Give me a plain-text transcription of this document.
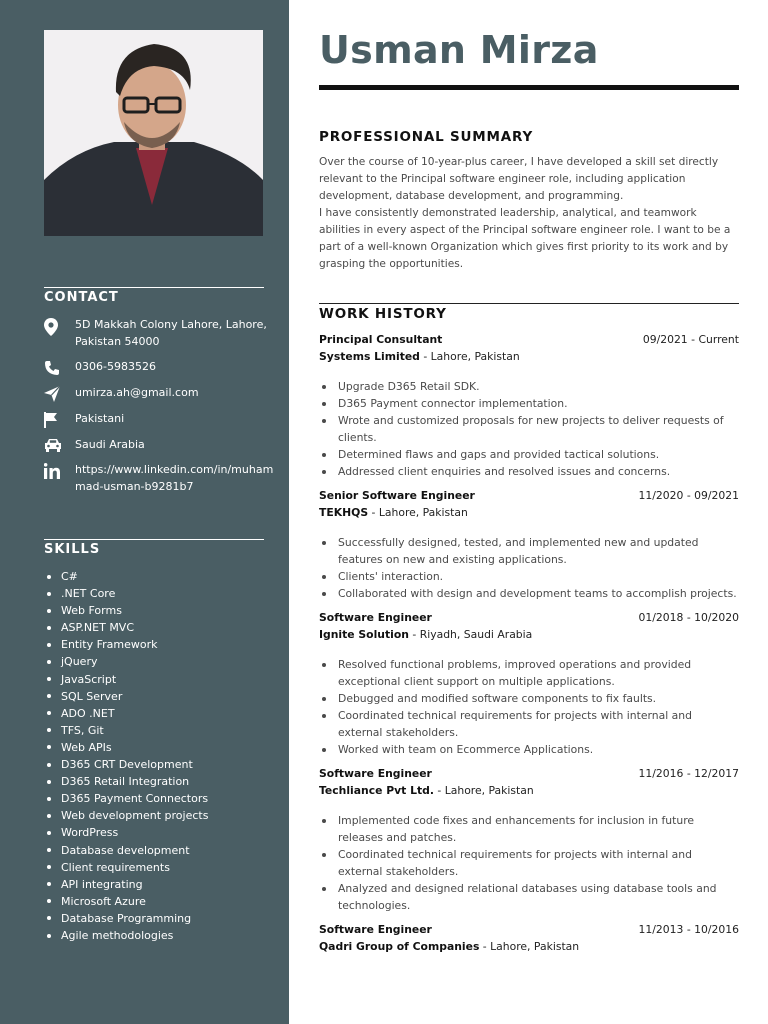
CONTACT
5D Makkah Colony Lahore, Lahore, Pakistan 54000
0306-5983526
umirza.ah@gmail.com
Pakistani
Saudi Arabia
https://www.linkedin.com/in/muhammad-usman-b9281b7
SKILLS
C#
.NET Core
Web Forms
ASP.NET MVC
Entity Framework
jQuery
JavaScript
SQL Server
ADO .NET
TFS, Git
Web APIs
D365 CRT Development
D365 Retail Integration
D365 Payment Connectors
Web development projects
WordPress
Database development
Client requirements
API integrating
Microsoft Azure
Database Programming
Agile methodologies
Usman Mirza
PROFESSIONAL SUMMARY

Over the course of 10-year-plus career, I have developed a skill set directly relevant to the Principal software engineer role, including application development, database development, and programming.

I have consistently demonstrated leadership, analytical, and teamwork abilities in every aspect of the Principal software engineer role. I want to be a part of a well-known Organization which gives first priority to its work and by grasping the opportunities.

WORK HISTORY
Principal Consultant	09/2021 - Current
Systems Limited - Lahore, Pakistan
Upgrade D365 Retail SDK.
D365 Payment connector implementation.
Wrote and customized proposals for new projects to deliver requests of clients.
Determined flaws and gaps and provided tactical solutions.
Addressed client enquiries and resolved issues and concerns.
Senior Software Engineer	11/2020 - 09/2021
TEKHQS - Lahore, Pakistan
Successfully designed, tested, and implemented new and updated features on new and existing applications.
Clients' interaction.
Collaborated with design and development teams to accomplish projects.
Software Engineer	01/2018 - 10/2020
Ignite Solution - Riyadh, Saudi Arabia
Resolved functional problems, improved operations and provided exceptional client support on multiple applications.
Debugged and modified software components to fix faults.
Coordinated technical requirements for projects with internal and external stakeholders.
Worked with team on Ecommerce Applications.
Software Engineer	11/2016 - 12/2017
Techliance Pvt Ltd. - Lahore, Pakistan
Implemented code fixes and enhancements for inclusion in future releases and patches.
Coordinated technical requirements for projects with internal and external stakeholders.
Analyzed and designed relational databases using database tools and technologies.
Software Engineer	11/2013 - 10/2016
Qadri Group of Companies - Lahore, Pakistan
